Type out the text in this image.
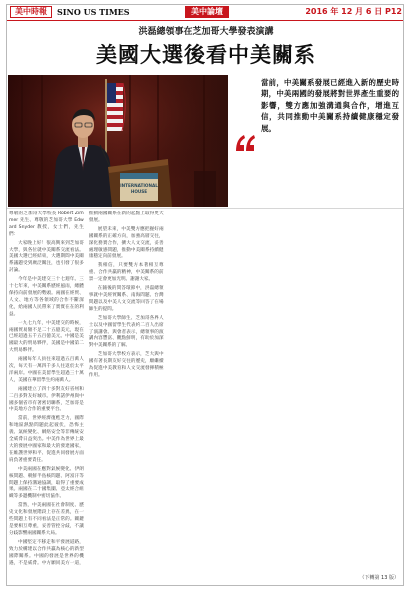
美中時報	SINO US TIMES	美中論壇	2016 年 12 月 6 日 P12
洪磊總領事在芝加哥大學發表演講
美國大選後看中美關系
INTERNATIONAL
HOUSE
當前，中美關系發展已經進入新的歷史時期，中美兩國的發展將對世界產生重要的影響，雙方應加強溝通與合作，增進互信，共同推動中美關系持續健康穩定發展。

尊敬的芝加哥大學校長 Robert Zimmer 先生、尊敬的芝加哥大學 Edward Snyder 教授，女士們，先生們：

大家晚上好！很高興來到芝加哥大學，與各位就中美關系交流看法。美國大選已經結束，大選期間中美關系議題受到廣泛關注，也引發了很多討論。

今年是中美建交三十七週年。三十七年來，中美關系歷經風雨，總體保持向前發展的勢頭。兩國在經貿、人文、地方等各領域的合作不斷深化，給兩國人民帶來了實實在在的利益。

一九七九年，中美建交的時候，兩國貿易額不足二十五億美元，現在已經超過五千五百億美元。中國是美國最大的貿易夥伴，美國是中國第二大貿易夥伴。

兩國每年人員往來超過五百萬人次，每天有一萬四千多人往返於太平洋兩岸。中國在美留學生超過三十萬人，美國在華留學生約兩萬人。

兩國建立了四十多對友好省州和二百多對友好城市。伊利諾伊州與中國多個省市有著密切聯系，芝加哥是中美地方合作的重要平台。

當前，世界經濟復甦乏力，國際和地區熱點問題此起彼伏，恐怖主義、氣候變化、網絡安全等非傳統安全威脅日益突出。中美作為世界上最大的發展中國家和最大的發達國家，在維護世界和平、促進共同發展方面肩負著重要責任。

中美兩國在應對氣候變化、伊朗核問題、朝鮮半島核問題、阿富汗等問題上保持溝通協調，取得了重要成果。兩國在二十國集團、亞太經合組織等多邊機制中密切協作。

當然，中美兩國在社會制度、歷史文化和發展階段上存在差異，在一些問題上有不同看法是正常的。關鍵是要相互尊重，妥善管控分歧，不讓分歧影響兩國關系大局。

中國堅定不移走和平發展道路，致力於構建以合作共贏為核心的新型國際關系。中國的發展是世界的機遇，不是威脅。中方願同美方一道，推動兩國關系在新的起點上取得更大發展。

展望未來，中美雙方應把握好兩國關系的正確方向，加強高層交往，深化務實合作，擴大人文交流，妥善處理敏感問題，推動中美關系持續健康穩定向前發展。

我相信，只要雙方本著相互尊重、合作共贏的精神，中美關系的前景一定會更加光明。謝謝大家。

在隨後的問答環節中，洪磊總領事就中美經貿關系、南海問題、台灣問題以及中美人文交流等回答了在場師生的提問。

芝加哥大學師生、芝加哥各界人士以及中國留學生代表約二百人出席了演講會。與會者表示，總領事的演講內容豐富、觀點鮮明，有助於加深對中美關系的了解。

芝加哥大學校方表示，芝大與中國有著長期友好交往的歷史，願繼續為促進中美教育和人文交流發揮積極作用。

（下轉第 13 版）
